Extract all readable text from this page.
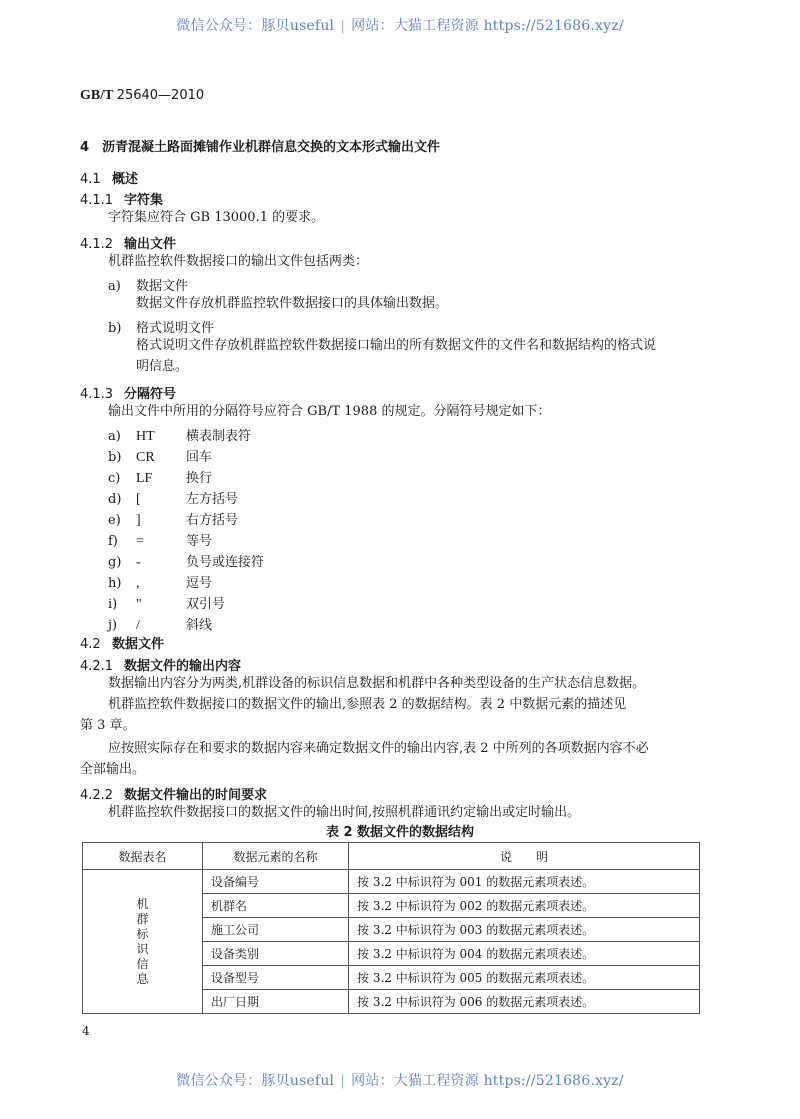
微信公众号：豚贝useful | 网站：大猫工程资源 https://521686.xyz/
GB/T 25640—2010
4 沥青混凝土路面摊铺作业机群信息交换的文本形式输出文件
4.1 概述
4.1.1 字符集
字符集应符合 GB 13000.1 的要求。
4.1.2 输出文件
机群监控软件数据接口的输出文件包括两类：
a) 数据文件
数据文件存放机群监控软件数据接口的具体输出数据。
b) 格式说明文件
格式说明文件存放机群监控软件数据接口输出的所有数据文件的文件名和数据结构的格式说
明信息。
4.1.3 分隔符号
输出文件中所用的分隔符号应符合 GB/T 1988 的规定。分隔符号规定如下：
a) HT 横表制表符
b) CR 回车
c) LF	换行
d) [	左方括号
e) ]	右方括号
f) =	等号
g) -	负号或连接符
h) ,	逗号
i) "	双引号
j) /	斜线
4.2 数据文件
4.2.1 数据文件的输出内容
数据输出内容分为两类,机群设备的标识信息数据和机群中各种类型设备的生产状态信息数据。
机群监控软件数据接口的数据文件的输出,参照表 2 的数据结构。表 2 中数据元素的描述见
第 3 章。
应按照实际存在和要求的数据内容来确定数据文件的输出内容,表 2 中所列的各项数据内容不必
全部输出。
4.2.2 数据文件输出的时间要求
机群监控软件数据接口的数据文件的输出时间,按照机群通讯约定输出或定时输出。
表 2 数据文件的数据结构
数据表名	数据元素的名称	说　　明
机群标识信息	设备编号	按 3.2 中标识符为 001 的数据元素项表述。
	机群名	按 3.2 中标识符为 002 的数据元素项表述。
	施工公司	按 3.2 中标识符为 003 的数据元素项表述。
	设备类别	按 3.2 中标识符为 004 的数据元素项表述。
	设备型号	按 3.2 中标识符为 005 的数据元素项表述。
	出厂日期	按 3.2 中标识符为 006 的数据元素项表述。
4
微信公众号：豚贝useful | 网站：大猫工程资源 https://521686.xyz/
